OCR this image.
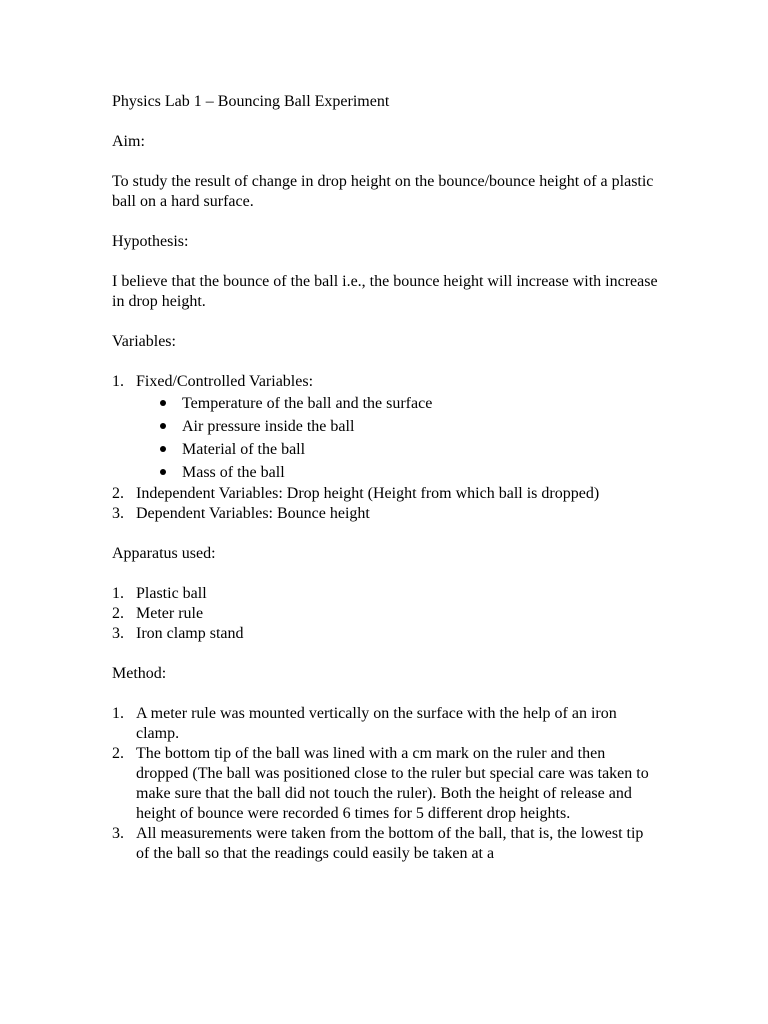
Physics Lab 1 – Bouncing Ball Experiment

Aim:

To study the result of change in drop height on the bounce/bounce height of a plastic ball on a hard surface.

Hypothesis:

I believe that the bounce of the ball i.e., the bounce height will increase with increase in drop height.

Variables:

1. Fixed/Controlled Variables:
Temperature of the ball and the surface
Air pressure inside the ball
Material of the ball
Mass of the ball
2. Independent Variables: Drop height (Height from which ball is dropped)
3. Dependent Variables: Bounce height

Apparatus used:

1. Plastic ball
2. Meter rule
3. Iron clamp stand

Method:

1. A meter rule was mounted vertically on the surface with the help of an iron clamp.
2. The bottom tip of the ball was lined with a cm mark on the ruler and then dropped (The ball was positioned close to the ruler but special care was taken to make sure that the ball did not touch the ruler). Both the height of release and height of bounce were recorded 6 times for 5 different drop heights.
3. All measurements were taken from the bottom of the ball, that is, the lowest tip of the ball so that the readings could easily be taken at a
